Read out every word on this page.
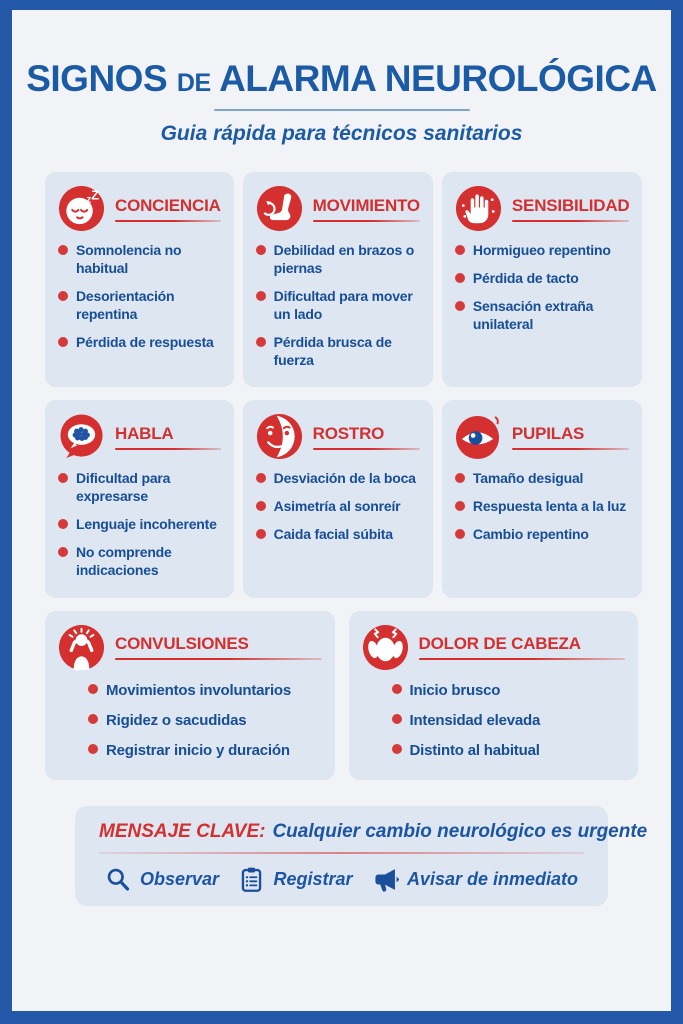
SIGNOS DE ALARMA NEUROLÓGICA
Guia rápida para técnicos sanitarios
z Z
CONCIENCIA
Somnolencia no habitual
Desorientación repentina
Pérdida de respuesta
MOVIMIENTO
Debilidad en brazos o piernas
Dificultad para mover un lado
Pérdida brusca de fuerza
SENSIBILIDAD
Hormigueo repentino
Pérdida de tacto
Sensación extraña unilateral
HABLA
Dificultad para expresarse
Lenguaje incoherente
No comprende indicaciones
ROSTRO
Desviación de la boca
Asimetría al sonreír
Caida facial súbita
PUPILAS
Tamaño desigual
Respuesta lenta a la luz
Cambio repentino
CONVULSIONES
Movimientos involuntarios
Rigidez o sacudidas
Registrar inicio y duración
DOLOR DE CABEZA
Inicio brusco
Intensidad elevada
Distinto al habitual
MENSAJE CLAVE: Cualquier cambio neurológico es urgente
Observar	Registrar	Avisar de inmediato
